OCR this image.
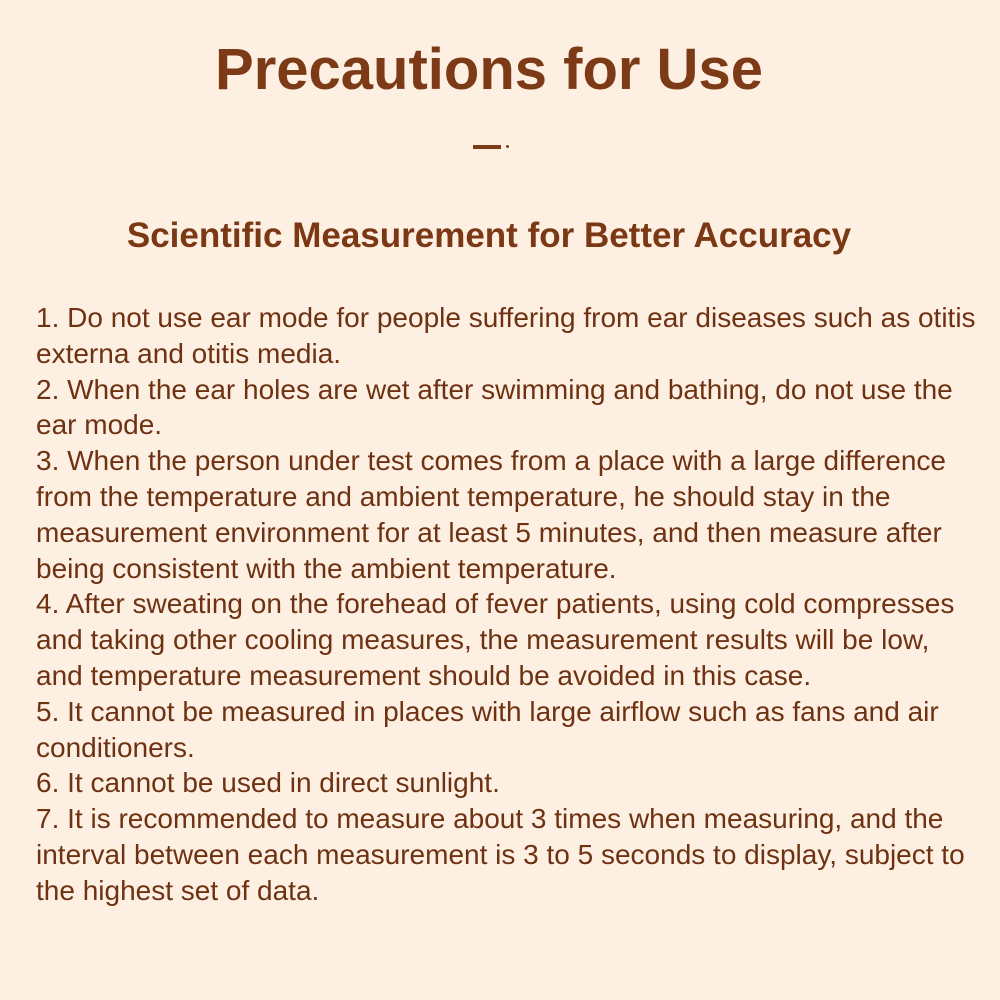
Precautions for Use
Scientific Measurement for Better Accuracy
1. Do not use ear mode for people suffering from ear diseases such as otitis externa and otitis media.
2. When the ear holes are wet after swimming and bathing, do not use the ear mode.
3. When the person under test comes from a place with a large difference from the temperature and ambient temperature, he should stay in the measurement environment for at least 5 minutes, and then measure after being consistent with the ambient temperature.
4. After sweating on the forehead of fever patients, using cold compresses and taking other cooling measures, the measurement results will be low, and temperature measurement should be avoided in this case.
5. It cannot be measured in places with large airflow such as fans and air conditioners.
6. It cannot be used in direct sunlight.
7. It is recommended to measure about 3 times when measuring, and the interval between each measurement is 3 to 5 seconds to display, subject to the highest set of data.
